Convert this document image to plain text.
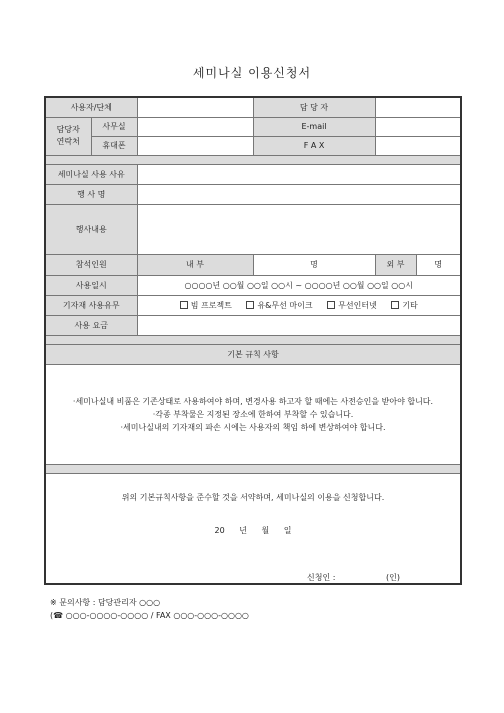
세미나실 이용신청서
사용자/단체			담 당 자	
담당자
연락처	사무실		E-mail	
	휴대폰		F A X	

세미나실 사용 사유				
행 사 명				
행사내용				
참석인원		내 부	명	외 부 명

사용일시		○○○○년 ○○월 ○○일 ○○시 ~ ○○○○년 ○○월 ○○일 ○○시		
기자재 사용유무		빔 프로젝트 유&무선 마이크 무선인터넷 기타		
사용 요금				

기본 규칙 사항				

·세미나실내 비품은 기존상태로 사용하여야 하며, 변경사용 하고자 할 때에는 사전승인을 받아야 합니다.
·각종 부착물은 지정된 장소에 한하여 부착할 수 있습니다.
·세미나실내의 기자재의 파손 시에는 사용자의 책임 하에 변상하여야 합니다.				

위의 기본규칙사항을 준수할 것을 서약하며, 세미나실의 이용을 신청합니다.
20 년 월 일
신청인 : (인)				
※ 문의사항 : 담당관리자 ○○○
(☎ ○○○-○○○○-○○○○ / FAX ○○○-○○○-○○○○
